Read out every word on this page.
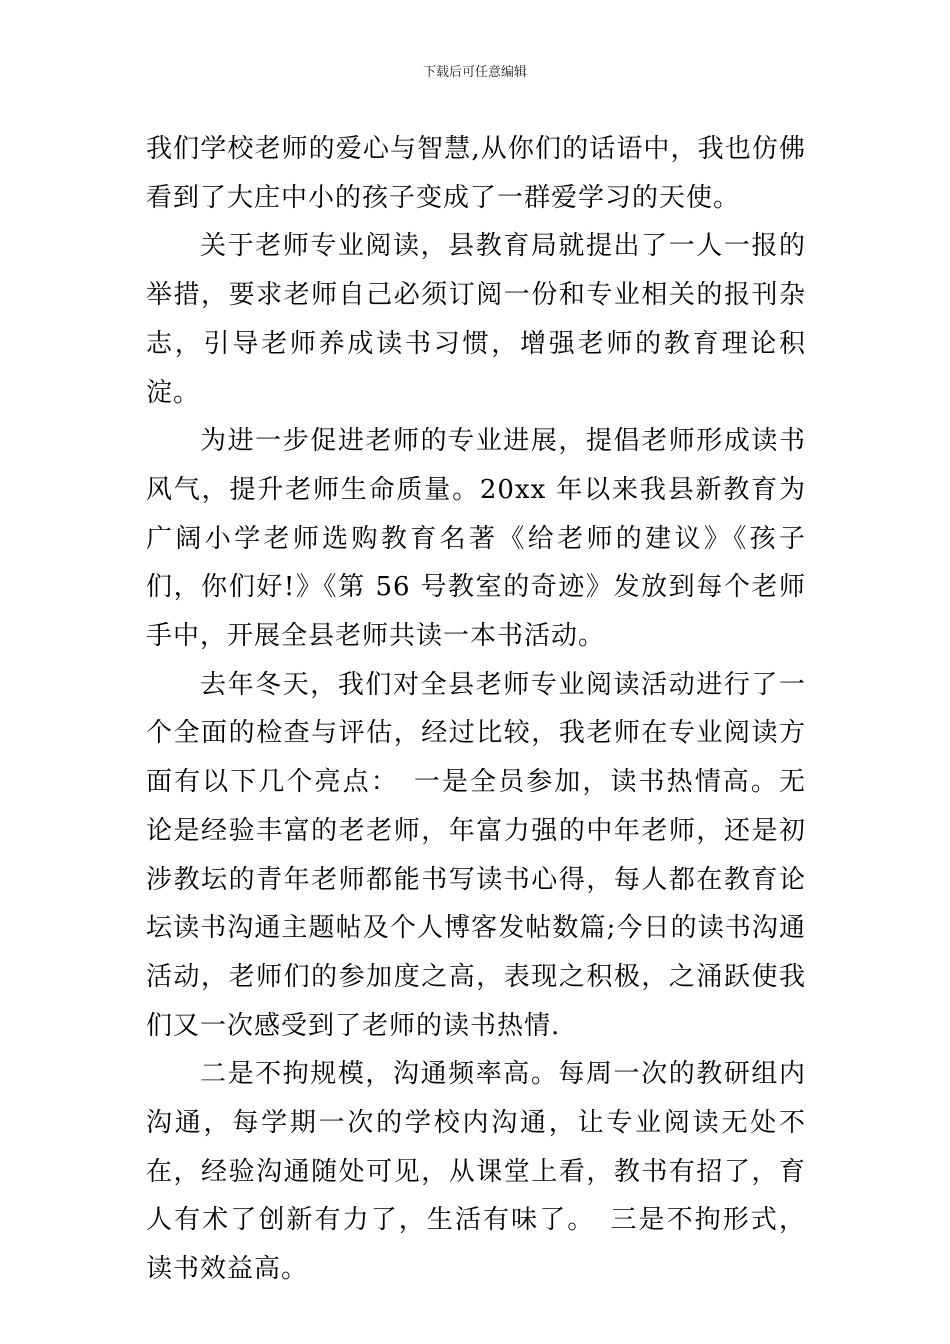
下载后可任意编辑

我们学校老师的爱心与智慧,从你们的话语中，我也仿佛看到了大庄中小的孩子变成了一群爱学习的天使。

关于老师专业阅读，县教育局就提出了一人一报的举措，要求老师自己必须订阅一份和专业相关的报刊杂志，引导老师养成读书习惯，增强老师的教育理论积淀。

为进一步促进老师的专业进展，提倡老师形成读书风气，提升老师生命质量。20xx 年以来我县新教育为广阔小学老师选购教育名著《给老师的建议》《孩子们，你们好!》《第 56 号教室的奇迹》发放到每个老师手中，开展全县老师共读一本书活动。

去年冬天，我们对全县老师专业阅读活动进行了一个全面的检查与评估，经过比较，我老师在专业阅读方面有以下几个亮点：　一是全员参加，读书热情高。无论是经验丰富的老老师，年富力强的中年老师，还是初涉教坛的青年老师都能书写读书心得，每人都在教育论坛读书沟通主题帖及个人博客发帖数篇;今日的读书沟通活动，老师们的参加度之高，表现之积极，之涌跃使我们又一次感受到了老师的读书热情.

二是不拘规模，沟通频率高。每周一次的教研组内沟通，每学期一次的学校内沟通，让专业阅读无处不在，经验沟通随处可见，从课堂上看，教书有招了，育人有术了创新有力了，生活有味了。　三是不拘形式，读书效益高。
